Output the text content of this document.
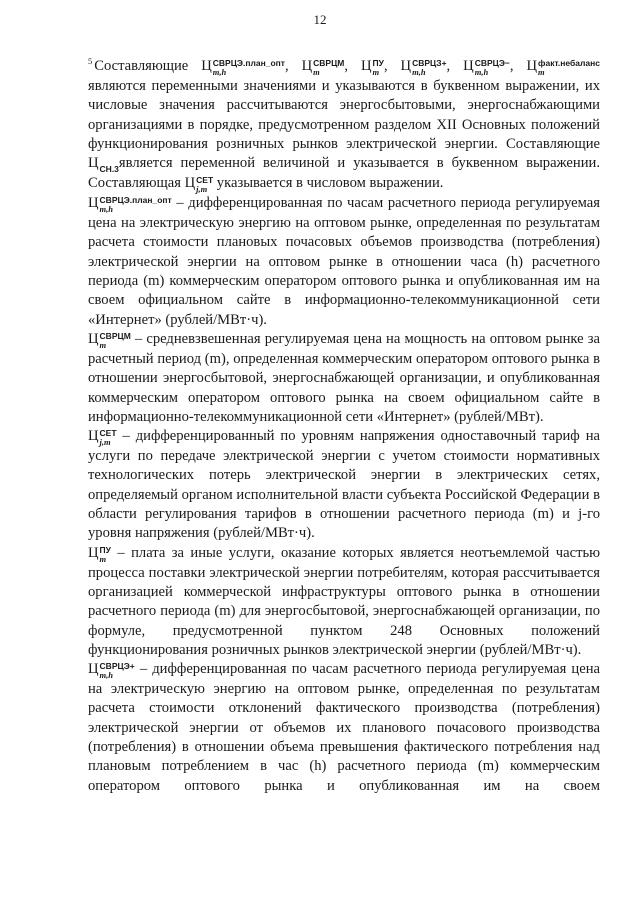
12

$^5$ Составляющие Ц СВРЦЭ.план_опт
m,h	, Ц СВРЦМ
m	, Ц ПУ
m , Ц СВРЦЗ+
m,h	, Ц СВРЦЭ−
m,h	, Ц факт.небаланс
m
являются переменными значениями и указываются в буквенном выражении, их числовые значения рассчитываются энергосбытовыми, энергоснабжающими организациями в порядке, предусмотренном разделом XII Основных положений функционирования розничных рынков электрической энергии. Составляющие Ц СН.3 является переменной величиной и указывается в буквенном выражении. Составляющая Ц СЕТ
j,m указывается в числовом выражении.

Ц СВРЦЭ.план_опт
m,h	– дифференцированная по часам расчетного периода регулируемая цена на электрическую энергию на оптовом рынке, определенная по результатам расчета стоимости плановых почасовых объемов производства (потребления) электрической энергии на оптовом рынке в отношении часа (h) расчетного периода (m) коммерческим оператором оптового рынка и опубликованная им на своем официальном сайте в информационно-телекоммуникационной сети «Интернет» (рублей/МВт·ч).

Ц СВРЦМ
m	– средневзвешенная регулируемая цена на мощность на оптовом рынке за расчетный период (m), определенная коммерческим оператором оптового рынка в отношении энергосбытовой, энергоснабжающей организации, и опубликованная коммерческим оператором оптового рынка на своем официальном сайте в информационно-телекоммуникационной сети «Интернет» (рублей/МВт).

Ц СЕТ
j,m – дифференцированный по уровням напряжения одноставочный тариф на услуги по передаче электрической энергии с учетом стоимости нормативных технологических потерь электрической энергии в электрических сетях, определяемый органом исполнительной власти субъекта Российской Федерации в области регулирования тарифов в отношении расчетного периода (m) и j-го уровня напряжения (рублей/МВт·ч).

Ц ПУ
m – плата за иные услуги, оказание которых является неотъемлемой частью процесса поставки электрической энергии потребителям, которая рассчитывается организацией коммерческой инфраструктуры оптового рынка в отношении расчетного периода (m) для энергосбытовой, энергоснабжающей организации, по формуле, предусмотренной пунктом 248 Основных положений функционирования розничных рынков электрической энергии (рублей/МВт·ч).

Ц СВРЦЭ+
m,h	– дифференцированная по часам расчетного периода регулируемая цена на электрическую энергию на оптовом рынке, определенная по результатам расчета стоимости отклонений фактического производства (потребления) электрической энергии от объемов их планового почасового производства (потребления) в отношении объема превышения фактического потребления над плановым потреблением в час (h) расчетного периода (m) коммерческим оператором оптового рынка и опубликованная им на своем
